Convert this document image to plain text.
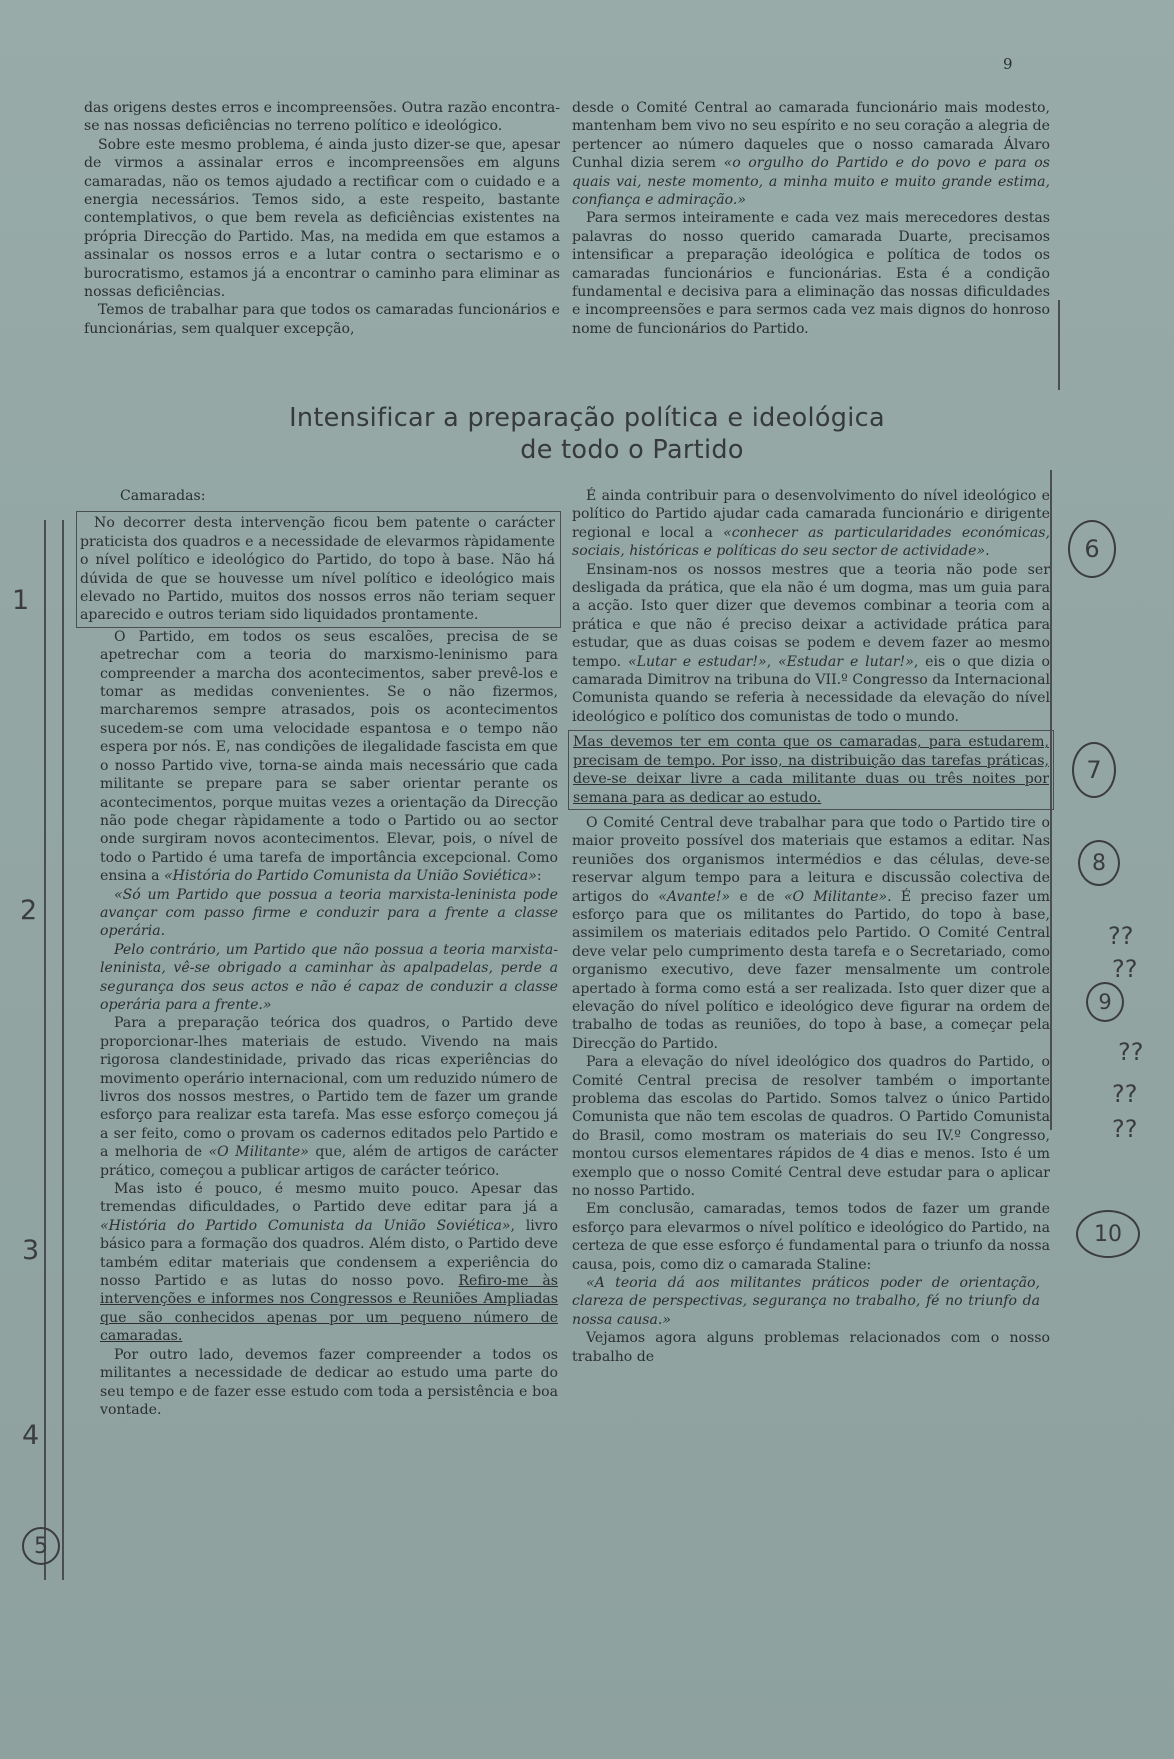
9

das origens destes erros e incompreensões. Outra razão encontra-se nas nossas deficiências no terreno político e ideológico.

Sobre este mesmo problema, é ainda justo dizer-se que, apesar de virmos a assinalar erros e incompreensões em alguns camaradas, não os temos ajudado a rectificar com o cuidado e a energia necessários. Temos sido, a este respeito, bastante contemplativos, o que bem revela as deficiências existentes na própria Direcção do Partido. Mas, na medida em que estamos a assinalar os nossos erros e a lutar contra o sectarismo e o burocratismo, estamos já a encontrar o caminho para eliminar as nossas deficiências.

Temos de trabalhar para que todos os camaradas funcionários e funcionárias, sem qualquer excepção,

desde o Comité Central ao camarada funcionário mais modesto, mantenham bem vivo no seu espírito e no seu coração a alegria de pertencer ao número daqueles que o nosso camarada Álvaro Cunhal dizia serem «o orgulho do Partido e do povo e para os quais vai, neste momento, a minha muito e muito grande estima, confiança e admiração.»

Para sermos inteiramente e cada vez mais merecedores destas palavras do nosso querido camarada Duarte, precisamos intensificar a preparação ideológica e política de todos os camaradas funcionários e funcionárias. Esta é a condição fundamental e decisiva para a eliminação das nossas dificuldades e incompreensões e para sermos cada vez mais dignos do honroso nome de funcionários do Partido.

Intensificar a preparação política e ideológica
de todo o Partido

Camaradas:

No decorrer desta intervenção ficou bem patente o carácter praticista dos quadros e a necessidade de elevarmos ràpidamente o nível político e ideológico do Partido, do topo à base. Não há dúvida de que se houvesse um nível político e ideológico mais elevado no Partido, muitos dos nossos erros não teriam sequer aparecido e outros teriam sido liquidados prontamente.

O Partido, em todos os seus escalões, precisa de se apetrechar com a teoria do marxismo-leninismo para compreender a marcha dos acontecimentos, saber prevê-los e tomar as medidas convenientes. Se o não fizermos, marcharemos sempre atrasados, pois os acontecimentos sucedem-se com uma velocidade espantosa e o tempo não espera por nós. E, nas condições de ilegalidade fascista em que o nosso Partido vive, torna-se ainda mais necessário que cada militante se prepare para se saber orientar perante os acontecimentos, porque muitas vezes a orientação da Direcção não pode chegar ràpidamente a todo o Partido ou ao sector onde surgiram novos acontecimentos. Elevar, pois, o nível de todo o Partido é uma tarefa de importância excepcional. Como ensina a «História do Partido Comunista da União Soviética»:

«Só um Partido que possua a teoria marxista-leninista pode avançar com passo firme e conduzir para a frente a classe operária.

Pelo contrário, um Partido que não possua a teoria marxista-leninista, vê-se obrigado a caminhar às apalpadelas, perde a segurança dos seus actos e não é capaz de conduzir a classe operária para a frente.»

Para a preparação teórica dos quadros, o Partido deve proporcionar-lhes materiais de estudo. Vivendo na mais rigorosa clandestinidade, privado das ricas experiências do movimento operário internacional, com um reduzido número de livros dos nossos mestres, o Partido tem de fazer um grande esforço para realizar esta tarefa. Mas esse esforço começou já a ser feito, como o provam os cadernos editados pelo Partido e a melhoria de «O Militante» que, além de artigos de carácter prático, começou a publicar artigos de carácter teórico.

Mas isto é pouco, é mesmo muito pouco. Apesar das tremendas dificuldades, o Partido deve editar para já a «História do Partido Comunista da União Soviética», livro básico para a formação dos quadros. Além disto, o Partido deve também editar materiais que condensem a experiência do nosso Partido e as lutas do nosso povo. Refiro-me às intervenções e informes nos Congressos e Reuniões Ampliadas que são conhecidos apenas por um pequeno número de camaradas.

Por outro lado, devemos fazer compreender a todos os militantes a necessidade de dedicar ao estudo uma parte do seu tempo e de fazer esse estudo com toda a persistência e boa vontade.

É ainda contribuir para o desenvolvimento do nível ideológico e político do Partido ajudar cada camarada funcionário e dirigente regional e local a «conhecer as particularidades económicas, sociais, históricas e políticas do seu sector de actividade».

Ensinam-nos os nossos mestres que a teoria não pode ser desligada da prática, que ela não é um dogma, mas um guia para a acção. Isto quer dizer que devemos combinar a teoria com a prática e que não é preciso deixar a actividade prática para estudar, que as duas coisas se podem e devem fazer ao mesmo tempo. «Lutar e estudar!», «Estudar e lutar!», eis o que dizia o camarada Dimitrov na tribuna do VII.º Congresso da Internacional Comunista quando se referia à necessidade da elevação do nível ideológico e político dos comunistas de todo o mundo.

Mas devemos ter em conta que os camaradas, para estudarem, precisam de tempo. Por isso, na distribuição das tarefas práticas, deve-se deixar livre a cada militante duas ou três noites por semana para as dedicar ao estudo.

O Comité Central deve trabalhar para que todo o Partido tire o maior proveito possível dos materiais que estamos a editar. Nas reuniões dos organismos intermédios e das células, deve-se reservar algum tempo para a leitura e discussão colectiva de artigos do «Avante!» e de «O Militante». É preciso fazer um esforço para que os militantes do Partido, do topo à base, assimilem os materiais editados pelo Partido. O Comité Central deve velar pelo cumprimento desta tarefa e o Secretariado, como organismo executivo, deve fazer mensalmente um controle apertado à forma como está a ser realizada. Isto quer dizer que a elevação do nível político e ideológico deve figurar na ordem de trabalho de todas as reuniões, do topo à base, a começar pela Direcção do Partido.

Para a elevação do nível ideológico dos quadros do Partido, o Comité Central precisa de resolver também o importante problema das escolas do Partido. Somos talvez o único Partido Comunista que não tem escolas de quadros. O Partido Comunista do Brasil, como mostram os materiais do seu IV.º Congresso, montou cursos elementares rápidos de 4 dias e menos. Isto é um exemplo que o nosso Comité Central deve estudar para o aplicar no nosso Partido.

Em conclusão, camaradas, temos todos de fazer um grande esforço para elevarmos o nível político e ideológico do Partido, na certeza de que esse esforço é fundamental para o triunfo da nossa causa, pois, como diz o camarada Staline:

«A teoria dá aos militantes práticos poder de orientação, clareza de perspectivas, segurança no trabalho, fé no triunfo da nossa causa.»

Vejamos agora alguns problemas relacionados com o nosso trabalho de

1
2
3
4
5
6
7
8
9
10
??
??
??
??
??
